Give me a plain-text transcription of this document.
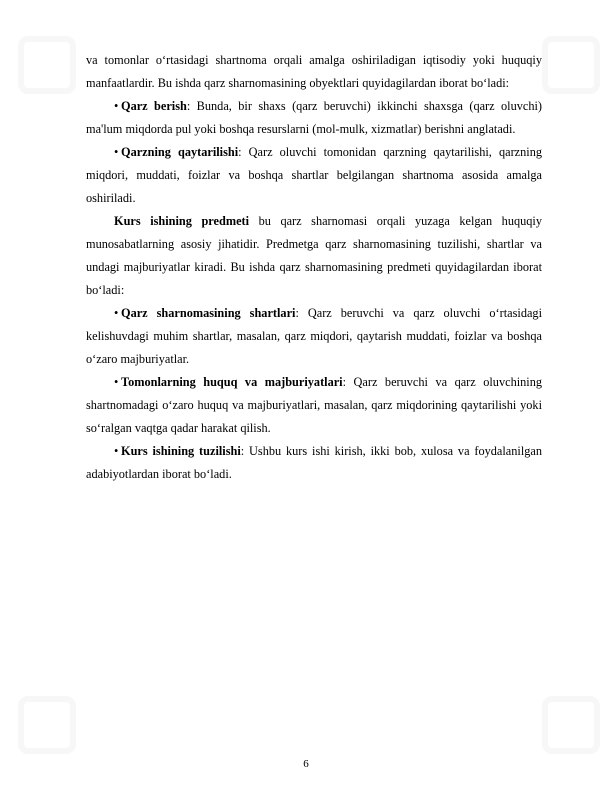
va tomonlar o‘rtasidagi shartnoma orqali amalga oshiriladigan iqtisodiy yoki huquqiy manfaatlardir. Bu ishda qarz sharnomasining obyektlari quyidagilardan iborat bo‘ladi:

• Qarz berish: Bunda, bir shaxs (qarz beruvchi) ikkinchi shaxsga (qarz oluvchi) ma'lum miqdorda pul yoki boshqa resurslarni (mol-mulk, xizmatlar) berishni anglatadi.

• Qarzning qaytarilishi: Qarz oluvchi tomonidan qarzning qaytarilishi, qarzning miqdori, muddati, foizlar va boshqa shartlar belgilangan shartnoma asosida amalga oshiriladi.

Kurs ishining predmeti bu qarz sharnomasi orqali yuzaga kelgan huquqiy munosabatlarning asosiy jihatidir. Predmetga qarz sharnomasining tuzilishi, shartlar va undagi majburiyatlar kiradi. Bu ishda qarz sharnomasining predmeti quyidagilardan iborat bo‘ladi:

• Qarz sharnomasining shartlari: Qarz beruvchi va qarz oluvchi o‘rtasidagi kelishuvdagi muhim shartlar, masalan, qarz miqdori, qaytarish muddati, foizlar va boshqa o‘zaro majburiyatlar.

• Tomonlarning huquq va majburiyatlari: Qarz beruvchi va qarz oluvchining shartnomadagi o‘zaro huquq va majburiyatlari, masalan, qarz miqdorining qaytarilishi yoki so‘ralgan vaqtga qadar harakat qilish.

• Kurs ishining tuzilishi: Ushbu kurs ishi kirish, ikki bob, xulosa va foydalanilgan adabiyotlardan iborat bo‘ladi.

6
